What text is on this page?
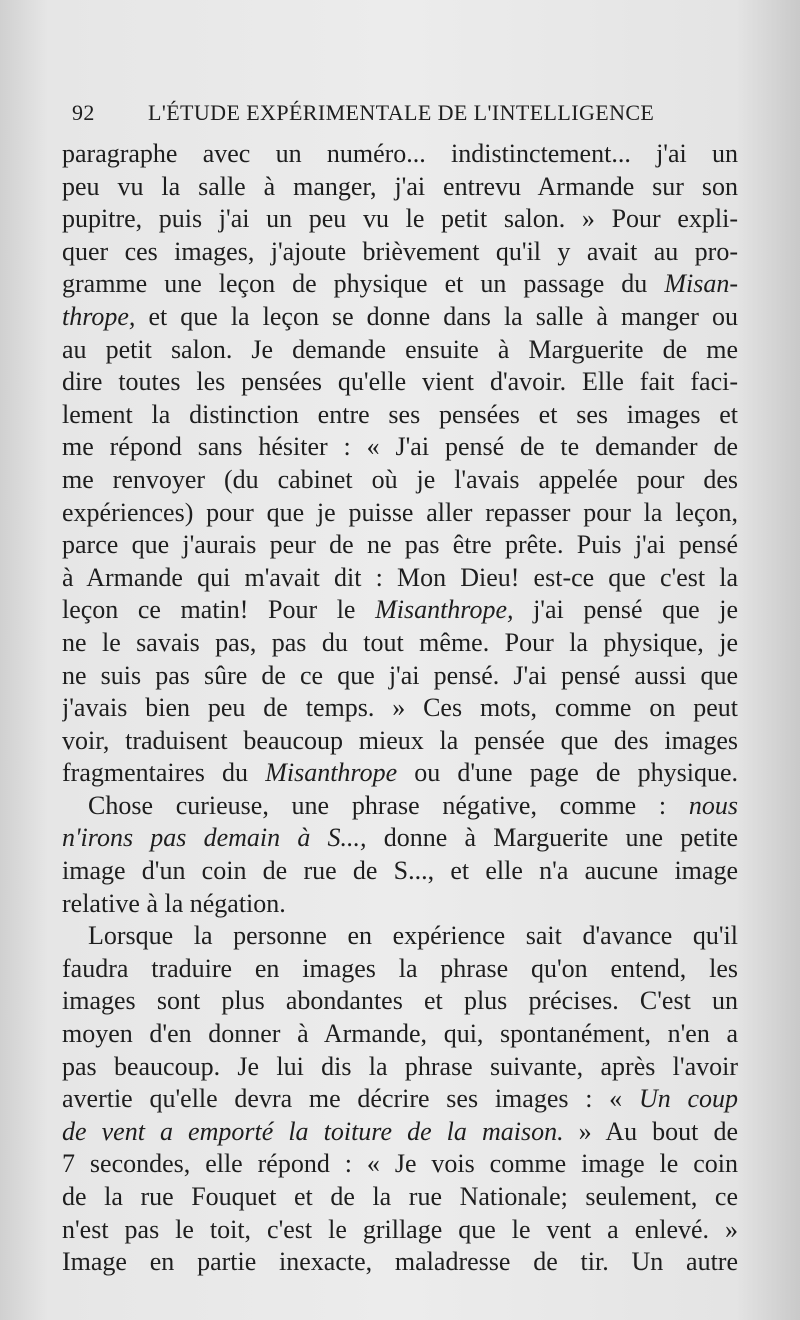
92 L'ÉTUDE EXPÉRIMENTALE DE L'INTELLIGENCE
paragraphe avec un numéro... indistinctement... j'ai un
peu vu la salle à manger, j'ai entrevu Armande sur son
pupitre, puis j'ai un peu vu le petit salon. » Pour expli-
quer ces images, j'ajoute brièvement qu'il y avait au pro-
gramme une leçon de physique et un passage du Misan-
thrope, et que la leçon se donne dans la salle à manger ou
au petit salon. Je demande ensuite à Marguerite de me
dire toutes les pensées qu'elle vient d'avoir. Elle fait faci-
lement la distinction entre ses pensées et ses images et
me répond sans hésiter : « J'ai pensé de te demander de
me renvoyer (du cabinet où je l'avais appelée pour des
expériences) pour que je puisse aller repasser pour la leçon,
parce que j'aurais peur de ne pas être prête. Puis j'ai pensé
à Armande qui m'avait dit : Mon Dieu! est-ce que c'est la
leçon ce matin! Pour le Misanthrope, j'ai pensé que je
ne le savais pas, pas du tout même. Pour la physique, je
ne suis pas sûre de ce que j'ai pensé. J'ai pensé aussi que
j'avais bien peu de temps. » Ces mots, comme on peut
voir, traduisent beaucoup mieux la pensée que des images
fragmentaires du Misanthrope ou d'une page de physique.
Chose curieuse, une phrase négative, comme : nous
n'irons pas demain à S..., donne à Marguerite une petite
image d'un coin de rue de S..., et elle n'a aucune image
relative à la négation.
Lorsque la personne en expérience sait d'avance qu'il
faudra traduire en images la phrase qu'on entend, les
images sont plus abondantes et plus précises. C'est un
moyen d'en donner à Armande, qui, spontanément, n'en a
pas beaucoup. Je lui dis la phrase suivante, après l'avoir
avertie qu'elle devra me décrire ses images : « Un coup
de vent a emporté la toiture de la maison. » Au bout de
7 secondes, elle répond : « Je vois comme image le coin
de la rue Fouquet et de la rue Nationale; seulement, ce
n'est pas le toit, c'est le grillage que le vent a enlevé. »
Image en partie inexacte, maladresse de tir. Un autre
